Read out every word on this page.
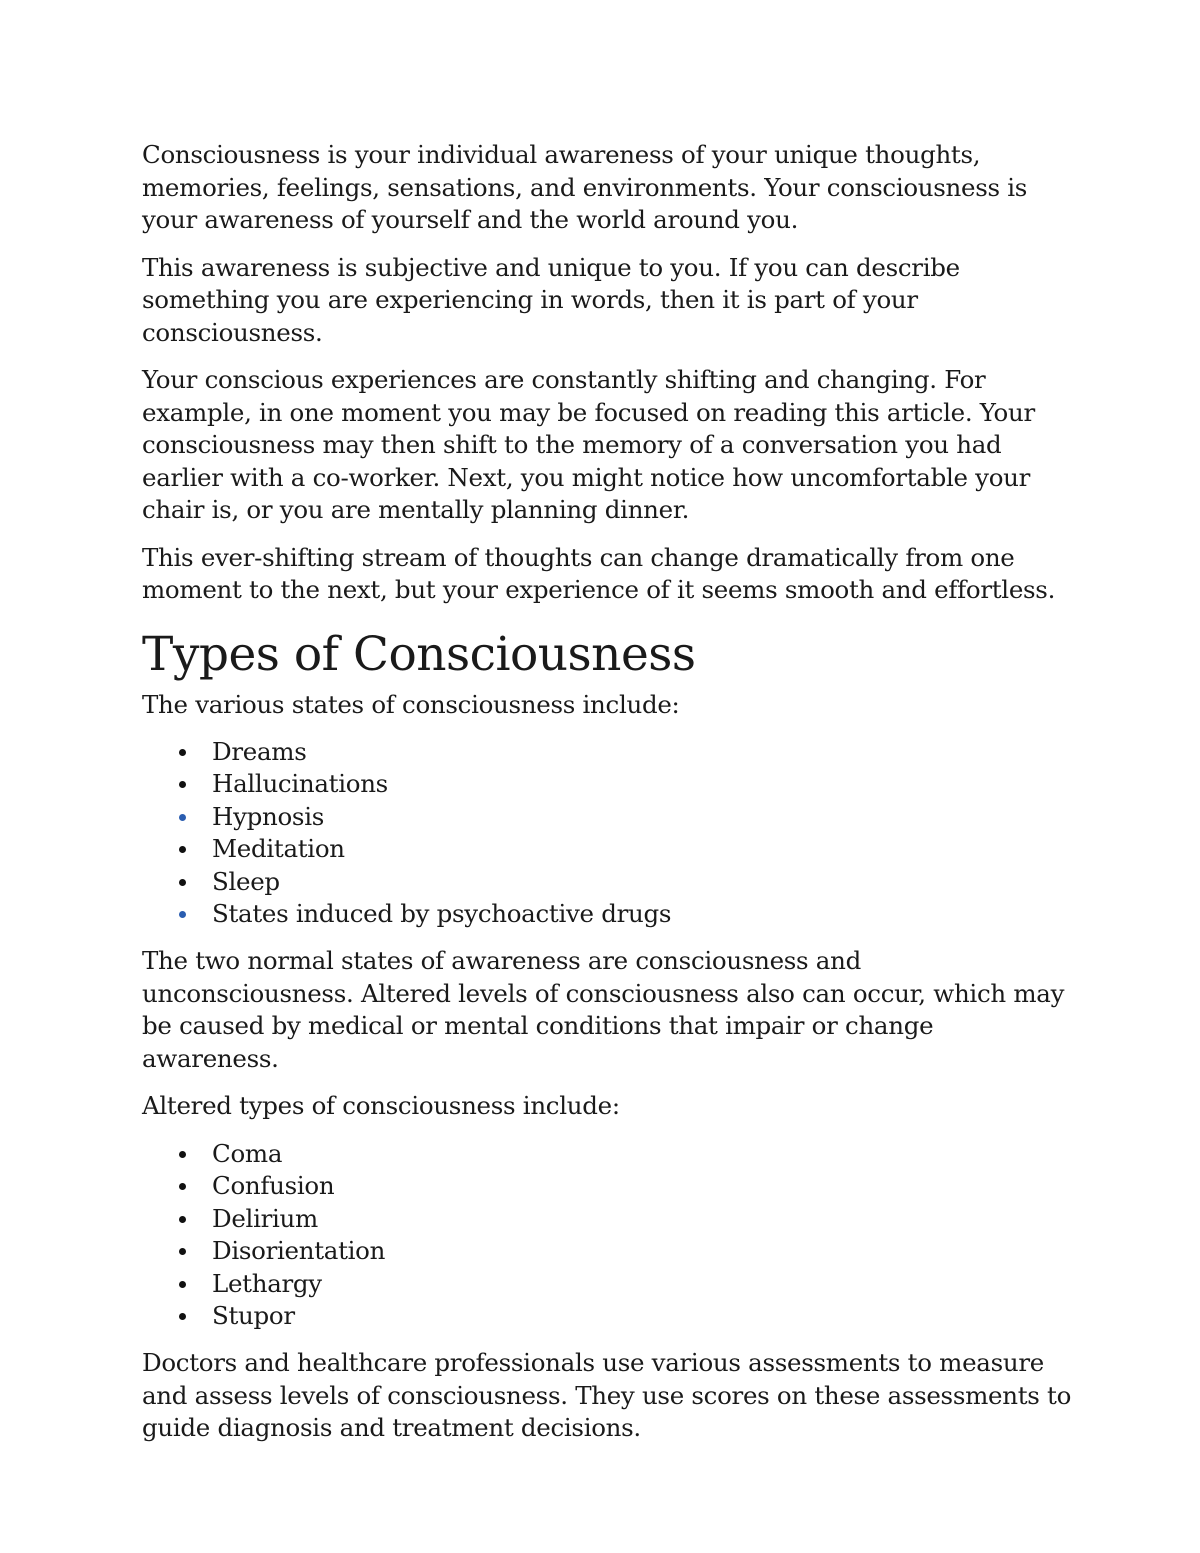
Consciousness is your individual awareness of your unique thoughts, memories, feelings, sensations, and environments. Your consciousness is your awareness of yourself and the world around you.

This awareness is subjective and unique to you. If you can describe something you are experiencing in words, then it is part of your consciousness.

Your conscious experiences are constantly shifting and changing. For example, in one moment you may be focused on reading this article. Your consciousness may then shift to the memory of a conversation you had earlier with a co-worker. Next, you might notice how uncomfortable your chair is, or you are mentally planning dinner.

This ever-shifting stream of thoughts can change dramatically from one moment to the next, but your experience of it seems smooth and effortless.

Types of Consciousness

The various states of consciousness include:

Dreams
Hallucinations
Hypnosis
Meditation
Sleep
States induced by psychoactive drugs

The two normal states of awareness are consciousness and unconsciousness. Altered levels of consciousness also can occur, which may be caused by medical or mental conditions that impair or change awareness.

Altered types of consciousness include:

Coma
Confusion
Delirium
Disorientation
Lethargy
Stupor

Doctors and healthcare professionals use various assessments to measure and assess levels of consciousness. They use scores on these assessments to guide diagnosis and treatment decisions.
